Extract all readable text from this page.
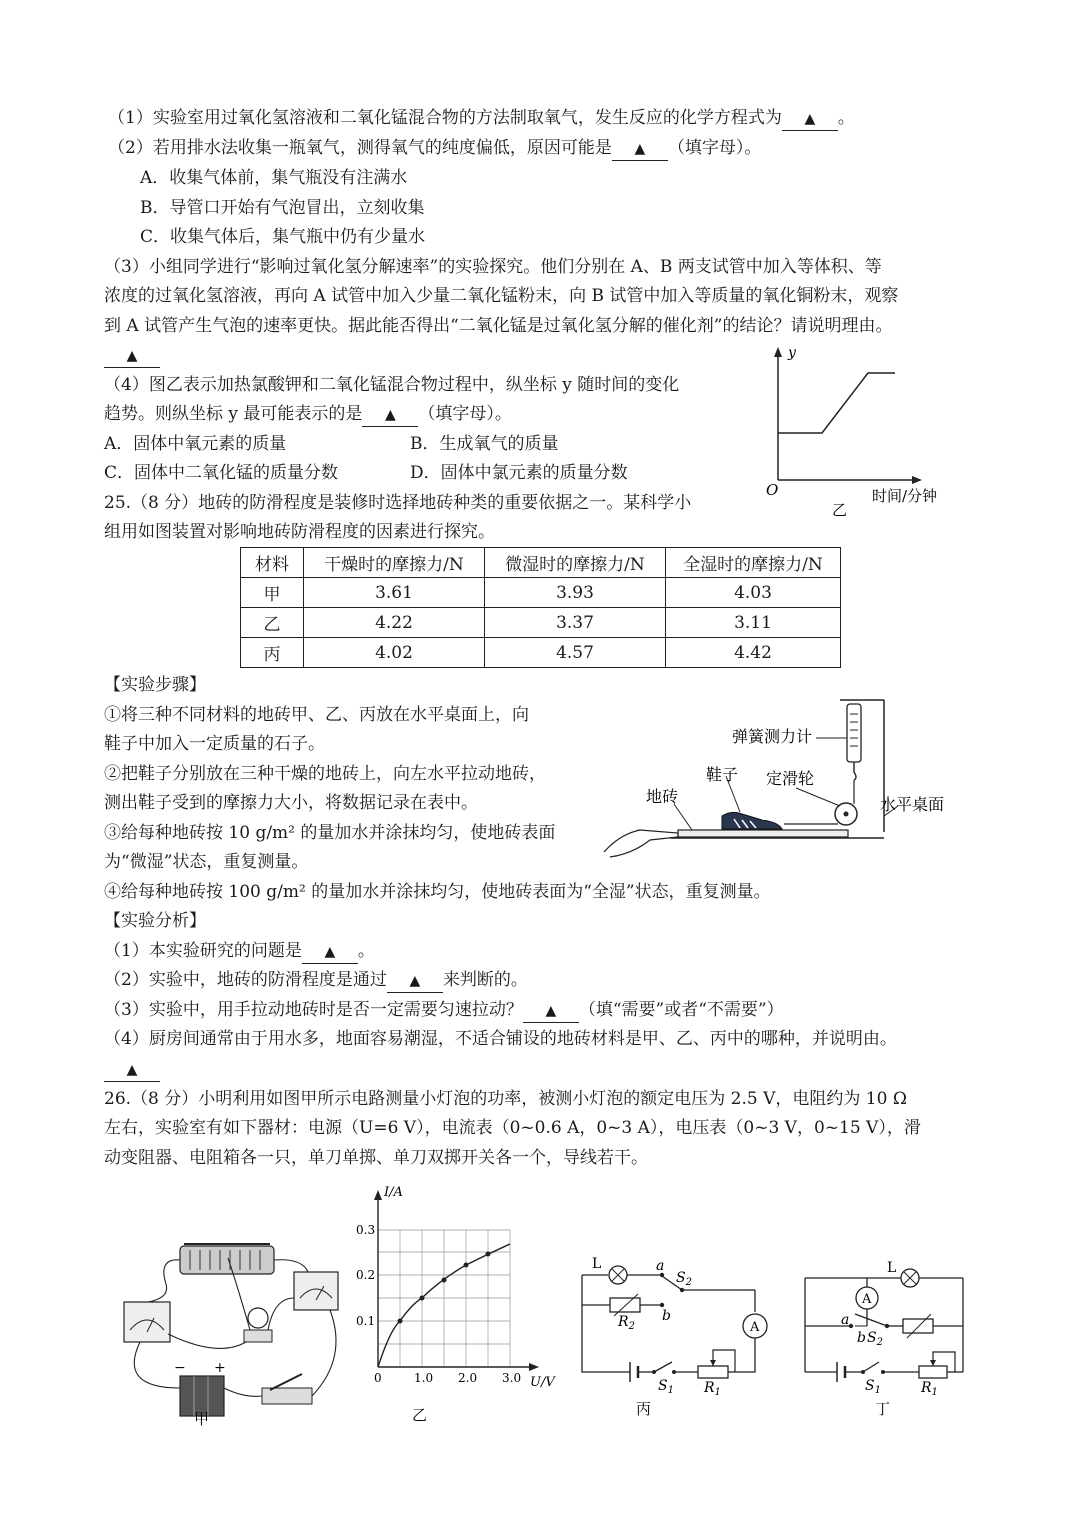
（1）实验室用过氧化氢溶液和二氧化锰混合物的方法制取氧气，发生反应的化学方程式为 ▲ 。
（2）若用排水法收集一瓶氧气，测得氧气的纯度偏低，原因可能是 ▲ （填字母）。
A．收集气体前，集气瓶没有注满水
B．导管口开始有气泡冒出，立刻收集
C．收集气体后，集气瓶中仍有少量水
（3）小组同学进行“影响过氧化氢分解速率”的实验探究。他们分别在 A、B 两支试管中加入等体积、等
浓度的过氧化氢溶液，再向 A 试管中加入少量二氧化锰粉末，向 B 试管中加入等质量的氧化铜粉末，观察
到 A 试管产生气泡的速率更快。据此能否得出“二氧化锰是过氧化氢分解的催化剂”的结论？请说明理由。
▲
（4）图乙表示加热氯酸钾和二氧化锰混合物过程中，纵坐标 y 随时间的变化
趋势。则纵坐标 y 最可能表示的是 ▲ （填字母）。
A．固体中氧元素的质量	B．生成氧气的质量
C．固体中二氧化锰的质量分数	D．固体中氯元素的质量分数
y
O	时间/分钟
乙
25.（8 分）地砖的防滑程度是装修时选择地砖种类的重要依据之一。某科学小
组用如图装置对影响地砖防滑程度的因素进行探究。
材料	干燥时的摩擦力/N	微湿时的摩擦力/N	全湿时的摩擦力/N
甲	3.61	3.93	4.03
乙	4.22	3.37	3.11
丙	4.02	4.57	4.42
【实验步骤】
①将三种不同材料的地砖甲、乙、丙放在水平桌面上，向
鞋子中加入一定质量的石子。
②把鞋子分别放在三种干燥的地砖上，向左水平拉动地砖，
测出鞋子受到的摩擦力大小，将数据记录在表中。
③给每种地砖按 10 g/m² 的量加水并涂抹均匀，使地砖表面
为“微湿”状态，重复测量。
④给每种地砖按 100 g/m² 的量加水并涂抹均匀，使地砖表面为“全湿”状态，重复测量。
弹簧测力计
鞋子 定滑轮
地砖	水平桌面
【实验分析】
（1）本实验研究的问题是 ▲ 。
（2）实验中，地砖的防滑程度是通过 ▲ 来判断的。
（3）实验中，用手拉动地砖时是否一定需要匀速拉动？ ▲ （填“需要”或者“不需要”）
（4）厨房间通常由于用水多，地面容易潮湿，不适合铺设的地砖材料是甲、乙、丙中的哪种，并说明由。
▲
26.（8 分）小明利用如图甲所示电路测量小灯泡的功率，被测小灯泡的额定电压为 2.5 V，电阻约为 10 Ω
左右，实验室有如下器材：电源（U=6 V），电流表（0~0.6 A，0~3 A），电压表（0~3 V，0~15 V），滑
动变阻器、电阻箱各一只，单刀单掷、单刀双掷开关各一个，导线若干。
− +
甲
I/A
U/V
0
0.1
0.2
0.3
1.0 2.0 3.0
乙
A
L	a
b
$S_2$
$R_2$
$S_1$ $R_1$
丙
A
L
a
b $S_2$
$S_1$	$R_1$
丁
